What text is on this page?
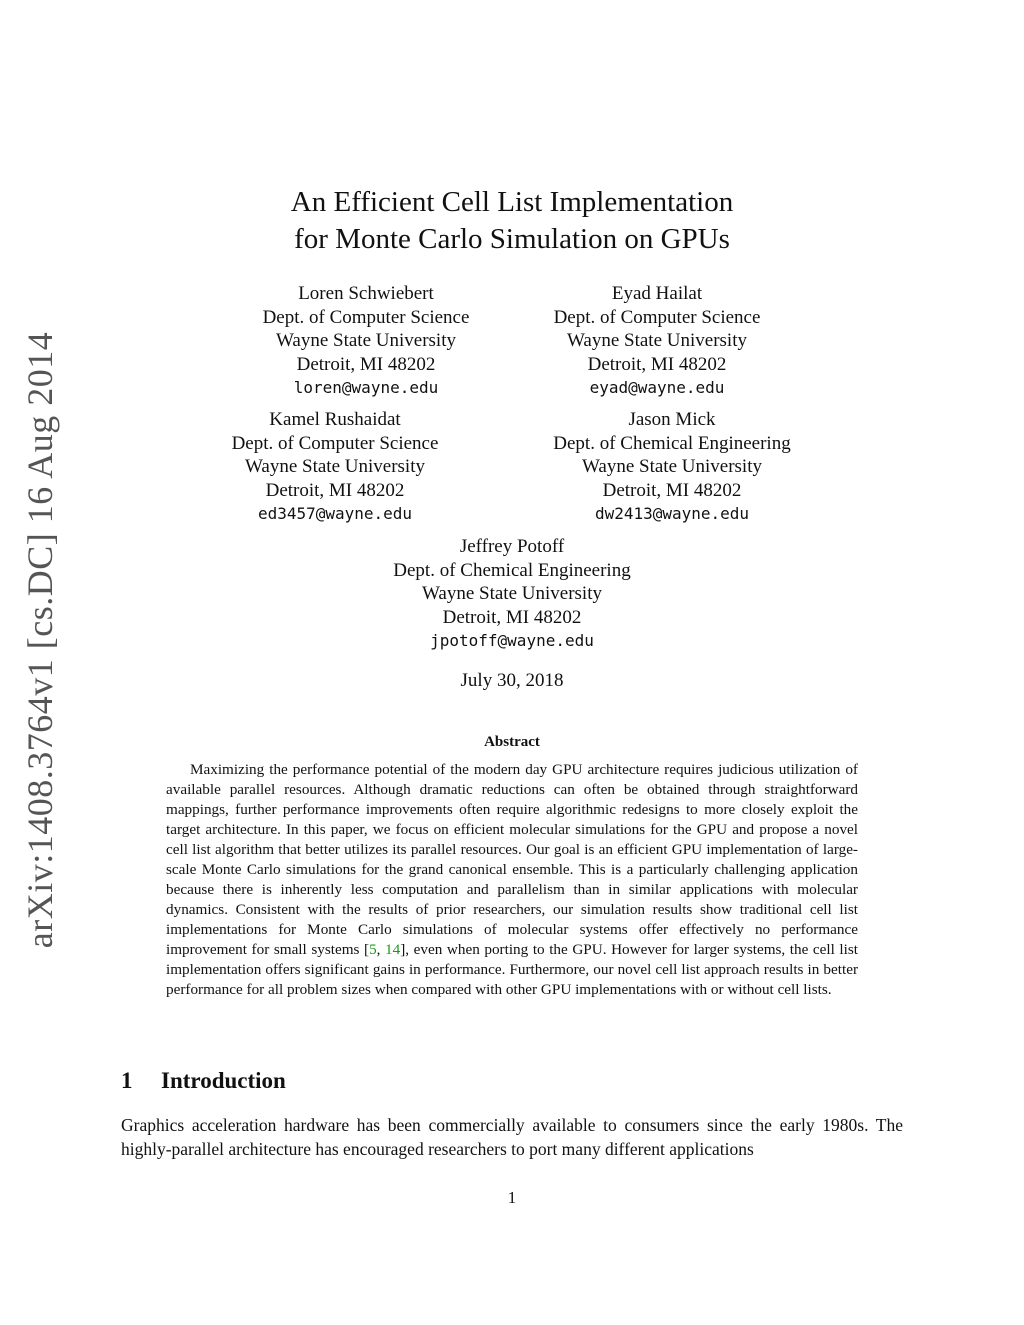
arXiv:1408.3764v1 [cs.DC] 16 Aug 2014
An Efficient Cell List Implementation
for Monte Carlo Simulation on GPUs
Loren Schwiebert
Dept. of Computer Science
Wayne State University
Detroit, MI 48202
loren@wayne.edu
Eyad Hailat
Dept. of Computer Science
Wayne State University
Detroit, MI 48202
eyad@wayne.edu
Kamel Rushaidat
Dept. of Computer Science
Wayne State University
Detroit, MI 48202
ed3457@wayne.edu
Jason Mick
Dept. of Chemical Engineering
Wayne State University
Detroit, MI 48202
dw2413@wayne.edu
Jeffrey Potoff
Dept. of Chemical Engineering
Wayne State University
Detroit, MI 48202
jpotoff@wayne.edu
July 30, 2018
Abstract

Maximizing the performance potential of the modern day GPU architecture requires judicious utilization of available parallel resources. Although dramatic reductions can often be obtained through straightforward mappings, further performance improvements often require algorithmic redesigns to more closely exploit the target architecture. In this paper, we focus on efficient molecular simulations for the GPU and propose a novel cell list algorithm that better utilizes its parallel resources. Our goal is an efficient GPU implementation of large-scale Monte Carlo simulations for the grand canonical ensemble. This is a particularly challenging application because there is inherently less computation and parallelism than in similar applications with molecular dynamics. Consistent with the results of prior researchers, our simulation results show traditional cell list implementations for Monte Carlo simulations of molecular systems offer effectively no performance improvement for small systems [5, 14], even when porting to the GPU. However for larger systems, the cell list implementation offers significant gains in performance. Furthermore, our novel cell list approach results in better performance for all problem sizes when compared with other GPU implementations with or without cell lists.

1 Introduction

Graphics acceleration hardware has been commercially available to consumers since the early 1980s. The highly-parallel architecture has encouraged researchers to port many different applications

1
